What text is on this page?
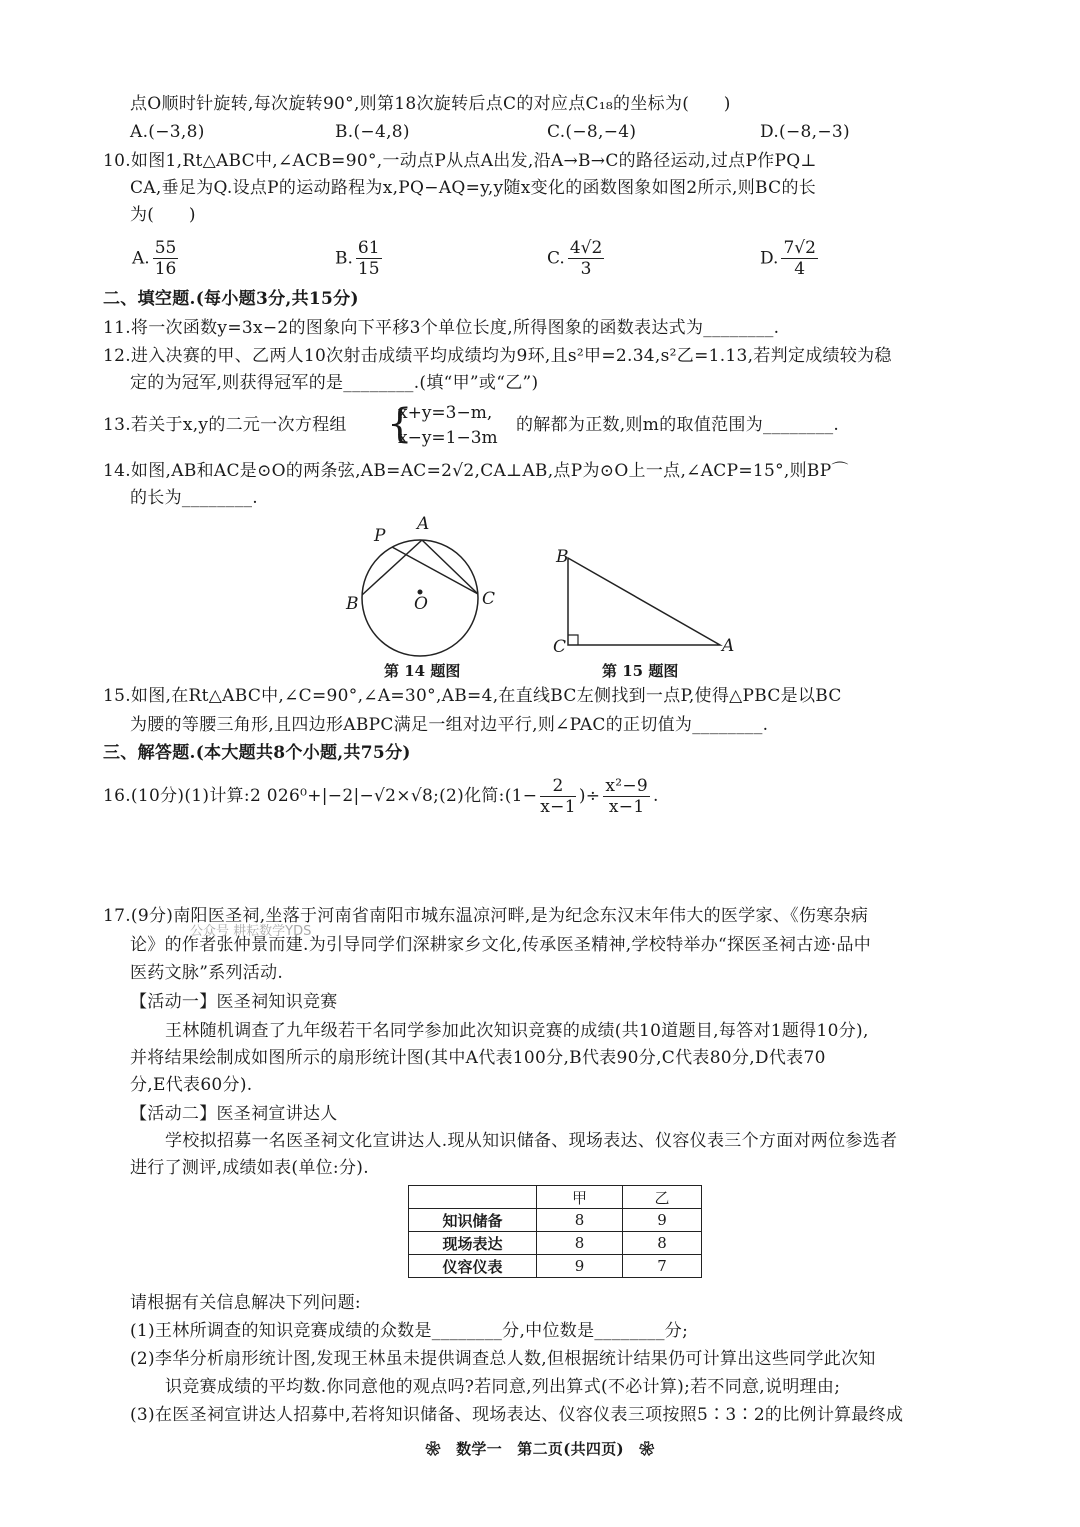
点O顺时针旋转,每次旋转90°,则第18次旋转后点C的对应点C₁₈的坐标为(　　)
A.(−3,8)	B.(−4,8)	C.(−8,−4)	D.(−8,−3)
10.如图1,Rt△ABC中,∠ACB=90°,一动点P从点A出发,沿A→B→C的路径运动,过点P作PQ⊥
CA,垂足为Q.设点P的运动路程为x,PQ−AQ=y,y随x变化的函数图象如图2所示,则BC的长
为(　　)
A. $\frac{55}{16}$	B. $\frac{61}{15}$	C. $\frac{4√2}{3}$	D. $\frac{7√2}{4}$
二、填空题.(每小题3分,共15分)
11.将一次函数y=3x−2的图象向下平移3个单位长度,所得图象的函数表达式为________.
12.进入决赛的甲、乙两人10次射击成绩平均成绩均为9环,且s²甲=2.34,s²乙=1.13,若判定成绩较为稳
定的为冠军,则获得冠军的是________.(填“甲”或“乙”)
13.若关于x,y的二元一次方程组 {
x+y=3−m,
x−y=1−3m
的解都为正数,则m的取值范围为________.
14.如图,AB和AC是⊙O的两条弦,AB=AC=2√2,CA⊥AB,点P为⊙O上一点,∠ACP=15°,则BP⌒
的长为________.
P
A
B	C
O
第 14 题图
B
C	A
第 15 题图
15.如图,在Rt△ABC中,∠C=90°,∠A=30°,AB=4,在直线BC左侧找到一点P,使得△PBC是以BC
为腰的等腰三角形,且四边形ABPC满足一组对边平行,则∠PAC的正切值为________.
三、解答题.(本大题共8个小题,共75分)
16.(10分)(1)计算:2 026⁰+|−2|−√2×√8;(2)化简:(1− $\frac{2}{x-1}$ )÷ $\frac{\text{x²−9}}{x-1}$ .
17.(9分)南阳医圣祠,坐落于河南省南阳市城东温凉河畔,是为纪念东汉末年伟大的医学家、《伤寒杂病
公众号 耕耘数学YDS
论》的作者张仲景而建.为引导同学们深耕家乡文化,传承医圣精神,学校特举办“探医圣祠古迹·品中
医药文脉”系列活动.
【活动一】医圣祠知识竞赛
王林随机调查了九年级若干名同学参加此次知识竞赛的成绩(共10道题目,每答对1题得10分),
并将结果绘制成如图所示的扇形统计图(其中A代表100分,B代表90分,C代表80分,D代表70
分,E代表60分).
【活动二】医圣祠宣讲达人
学校拟招募一名医圣祠文化宣讲达人.现从知识储备、现场表达、仪容仪表三个方面对两位参选者
进行了测评,成绩如表(单位:分).
	甲	乙
知识储备	8	9
现场表达	8	8
仪容仪表	9	7
请根据有关信息解决下列问题:
(1)王林所调查的知识竞赛成绩的众数是________分,中位数是________分;
(2)李华分析扇形统计图,发现王林虽未提供调查总人数,但根据统计结果仍可计算出这些同学此次知
识竞赛成绩的平均数.你同意他的观点吗?若同意,列出算式(不必计算);若不同意,说明理由;
(3)在医圣祠宣讲达人招募中,若将知识储备、现场表达、仪容仪表三项按照5∶3∶2的比例计算最终成
❀　数学一　第二页(共四页)　❀
